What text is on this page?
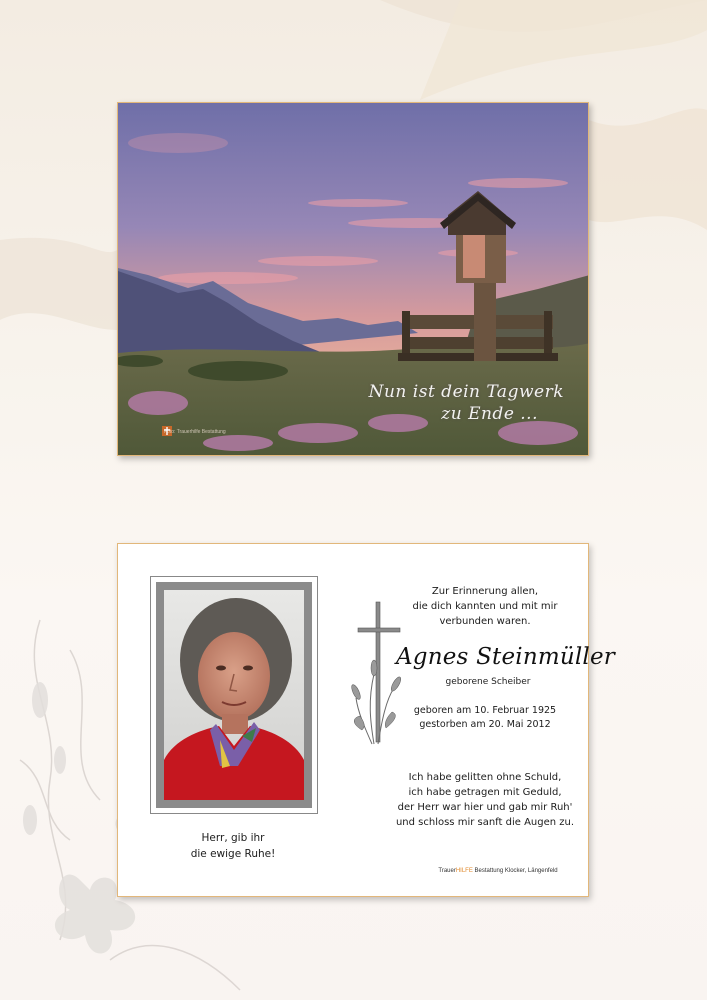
Nun ist dein Tagwerk
zu Ende ...
Foto: Trauerhilfe Bestattung
Herr, gib ihr
die ewige Ruhe!
Zur Erinnerung allen,
die dich kannten und mit mir
verbunden waren.
Agnes Steinmüller
geborene Scheiber
geboren am 10. Februar 1925
gestorben am 20. Mai 2012
Ich habe gelitten ohne Schuld,
ich habe getragen mit Geduld,
der Herr war hier und gab mir Ruh'
und schloss mir sanft die Augen zu.
TrauerHILFE Bestattung Klocker, Längenfeld
